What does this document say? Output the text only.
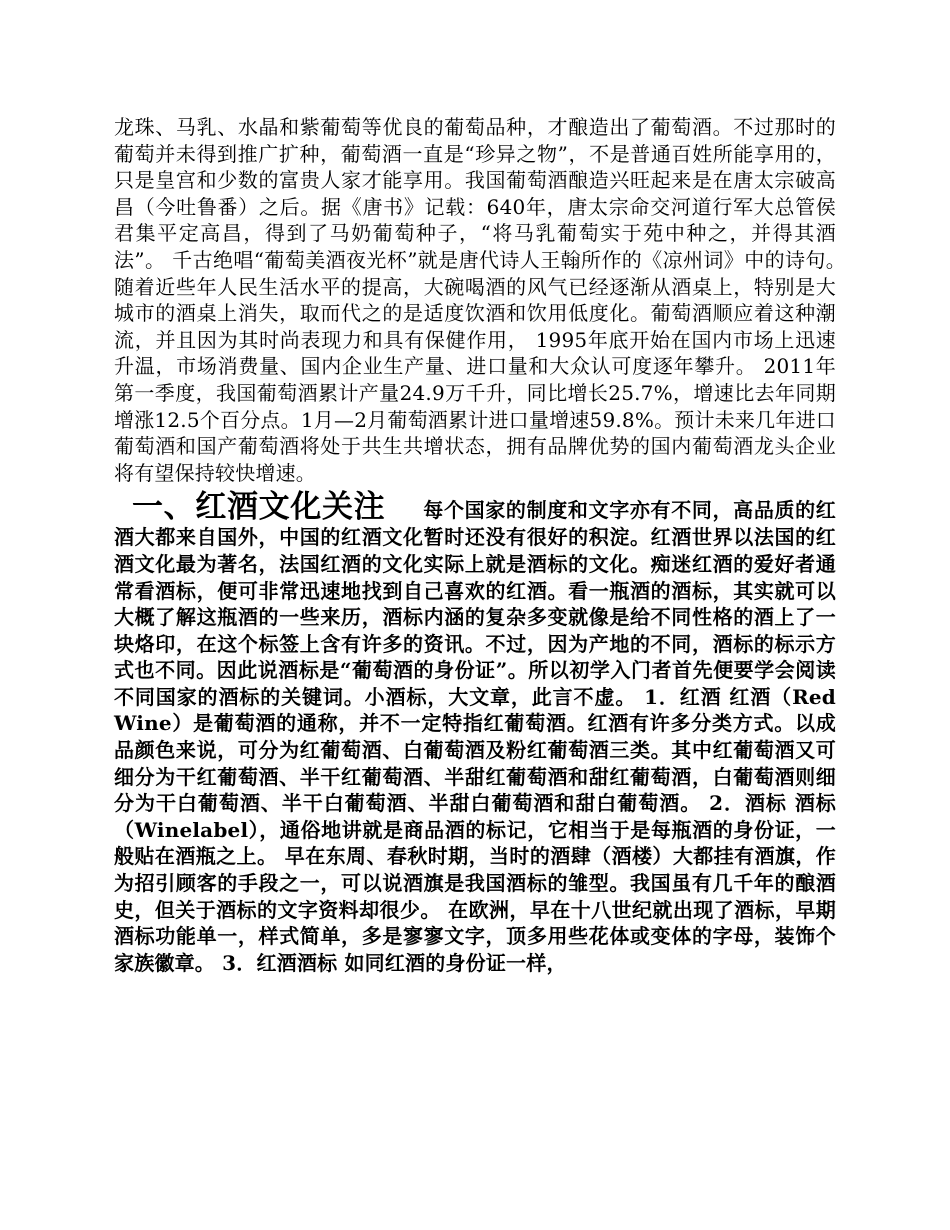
龙珠、马乳、水晶和紫葡萄等优良的葡萄品种，才酿造出了葡萄酒。不过那时的葡萄并未得到推广扩种，葡萄酒一直是“珍异之物”，不是普通百姓所能享用的，只是皇宫和少数的富贵人家才能享用。我国葡萄酒酿造兴旺起来是在唐太宗破高昌（今吐鲁番）之后。据《唐书》记载：640年，唐太宗命交河道行军大总管侯君集平定高昌，得到了马奶葡萄种子，“将马乳葡萄实于苑中种之，并得其酒法”。 千古绝唱“葡萄美酒夜光杯”就是唐代诗人王翰所作的《凉州词》中的诗句。　 随着近些年人民生活水平的提高，大碗喝酒的风气已经逐渐从酒桌上，特别是大城市的酒桌上消失，取而代之的是适度饮酒和饮用低度化。葡萄酒顺应着这种潮流，并且因为其时尚表现力和具有保健作用， 1995年底开始在国内市场上迅速升温，市场消费量、国内企业生产量、进口量和大众认可度逐年攀升。 2011年第一季度，我国葡萄酒累计产量24.9万千升，同比增长25.7%，增速比去年同期增涨12.5个百分点。1月—2月葡萄酒累计进口量增速59.8%。预计未来几年进口葡萄酒和国产葡萄酒将处于共生共增状态，拥有品牌优势的国内葡萄酒龙头企业将有望保持较快增速。

一、红酒文化关注 每个国家的制度和文字亦有不同，高品质的红酒大都来自国外，中国的红酒文化暂时还没有很好的积淀。红酒世界以法国的红酒文化最为著名，法国红酒的文化实际上就是酒标的文化。痴迷红酒的爱好者通常看酒标，便可非常迅速地找到自己喜欢的红酒。看一瓶酒的酒标，其实就可以大概了解这瓶酒的一些来历，酒标内涵的复杂多变就像是给不同性格的酒上了一块烙印，在这个标签上含有许多的资讯。不过，因为产地的不同，酒标的标示方式也不同。因此说酒标是“葡萄酒的身份证”。所以初学入门者首先便要学会阅读不同国家的酒标的关键词。小酒标，大文章，此言不虚。 1．红酒 红酒（Red Wine）是葡萄酒的通称，并不一定特指红葡萄酒。红酒有许多分类方式。以成品颜色来说，可分为红葡萄酒、白葡萄酒及粉红葡萄酒三类。其中红葡萄酒又可细分为干红葡萄酒、半干红葡萄酒、半甜红葡萄酒和甜红葡萄酒，白葡萄酒则细分为干白葡萄酒、半干白葡萄酒、半甜白葡萄酒和甜白葡萄酒。 2．酒标 酒标（Winelabel），通俗地讲就是商品酒的标记，它相当于是每瓶酒的身份证，一般贴在酒瓶之上。 早在东周、春秋时期，当时的酒肆（酒楼）大都挂有酒旗，作为招引顾客的手段之一，可以说酒旗是我国酒标的雏型。我国虽有几千年的酿酒史，但关于酒标的文字资料却很少。 在欧洲，早在十八世纪就出现了酒标，早期酒标功能单一，样式简单，多是寥寥文字，顶多用些花体或变体的字母，装饰个家族徽章。 3．红酒酒标 如同红酒的身份证一样，
